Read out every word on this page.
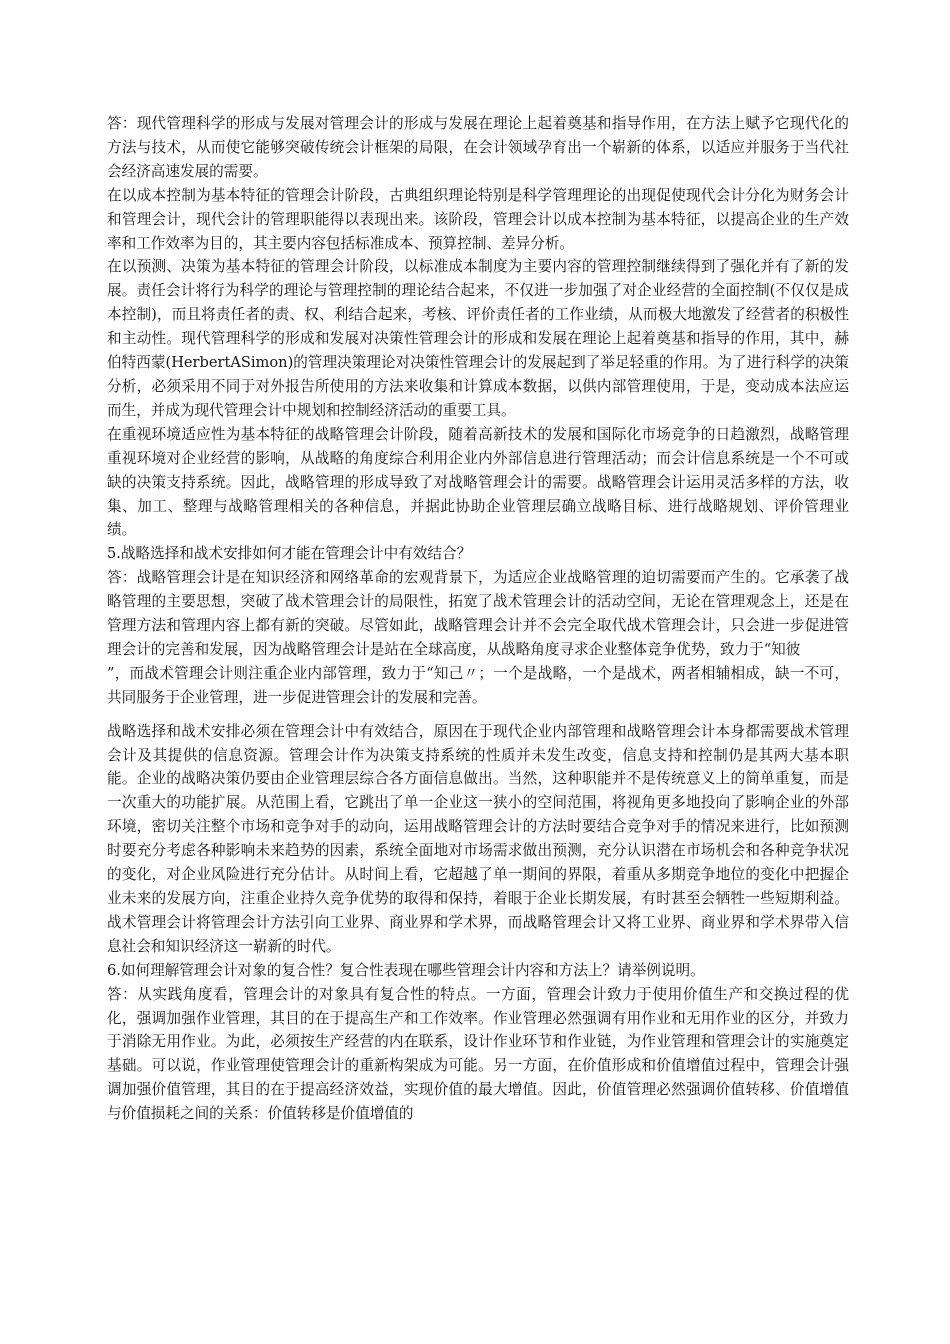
答：现代管理科学的形成与发展对管理会计的形成与发展在理论上起着奠基和指导作用，在方法上赋予它现代化的方法与技术，从而使它能够突破传统会计框架的局限，在会计领域孕育出一个崭新的体系，以适应并服务于当代社会经济高速发展的需要。

在以成本控制为基本特征的管理会计阶段，古典组织理论特别是科学管理理论的出现促使现代会计分化为财务会计和管理会计，现代会计的管理职能得以表现出来。该阶段，管理会计以成本控制为基本特征，以提高企业的生产效率和工作效率为目的，其主要内容包括标准成本、预算控制、差异分析。

在以预测、决策为基本特征的管理会计阶段，以标准成本制度为主要内容的管理控制继续得到了强化并有了新的发展。责任会计将行为科学的理论与管理控制的理论结合起来，不仅进一步加强了对企业经营的全面控制(不仅仅是成本控制)，而且将责任者的责、权、利结合起来，考核、评价责任者的工作业绩，从而极大地激发了经营者的积极性和主动性。现代管理科学的形成和发展对决策性管理会计的形成和发展在理论上起着奠基和指导的作用，其中，赫伯特西蒙(HerbertASimon)的管理决策理论对决策性管理会计的发展起到了举足轻重的作用。为了进行科学的决策分析，必须采用不同于对外报告所使用的方法来收集和计算成本数据，以供内部管理使用，于是，变动成本法应运而生，并成为现代管理会计中规划和控制经济活动的重要工具。

在重视环境适应性为基本特征的战略管理会计阶段，随着高新技术的发展和国际化市场竞争的日趋激烈，战略管理重视环境对企业经营的影响，从战略的角度综合利用企业内外部信息进行管理活动；而会计信息系统是一个不可或缺的决策支持系统。因此，战略管理的形成导致了对战略管理会计的需要。战略管理会计运用灵活多样的方法，收集、加工、整理与战略管理相关的各种信息，并据此协助企业管理层确立战略目标、进行战略规划、评价管理业绩。

5.战略选择和战术安排如何才能在管理会计中有效结合？

答：战略管理会计是在知识经济和网络革命的宏观背景下，为适应企业战略管理的迫切需要而产生的。它承袭了战略管理的主要思想，突破了战术管理会计的局限性，拓宽了战术管理会计的活动空间，无论在管理观念上，还是在管理方法和管理内容上都有新的突破。尽管如此，战略管理会计并不会完全取代战术管理会计，只会进一步促进管理会计的完善和发展，因为战略管理会计是站在全球高度，从战略角度寻求企业整体竞争优势，致力于“知彼

”，而战术管理会计则注重企业内部管理，致力于“知己〃；一个是战略，一个是战术，两者相辅相成，缺一不可，共同服务于企业管理，进一步促进管理会计的发展和完善。

战略选择和战术安排必须在管理会计中有效结合，原因在于现代企业内部管理和战略管理会计本身都需要战术管理会计及其提供的信息资源。管理会计作为决策支持系统的性质并未发生改变，信息支持和控制仍是其两大基本职能。企业的战略决策仍要由企业管理层综合各方面信息做出。当然，这种职能并不是传统意义上的简单重复，而是一次重大的功能扩展。从范围上看，它跳出了单一企业这一狭小的空间范围，将视角更多地投向了影响企业的外部环境，密切关注整个市场和竞争对手的动向，运用战略管理会计的方法时要结合竞争对手的情况来进行，比如预测时要充分考虑各种影响未来趋势的因素，系统全面地对市场需求做出预测，充分认识潜在市场机会和各种竞争状况的变化，对企业风险进行充分估计。从时间上看，它超越了单一期间的界限，着重从多期竞争地位的变化中把握企业未来的发展方向，注重企业持久竞争优势的取得和保持，着眼于企业长期发展，有时甚至会牺牲一些短期利益。战术管理会计将管理会计方法引向工业界、商业界和学术界，而战略管理会计又将工业界、商业界和学术界带入信息社会和知识经济这一崭新的时代。

6.如何理解管理会计对象的复合性？复合性表现在哪些管理会计内容和方法上？请举例说明。

答：从实践角度看，管理会计的对象具有复合性的特点。一方面，管理会计致力于使用价值生产和交换过程的优化，强调加强作业管理，其目的在于提高生产和工作效率。作业管理必然强调有用作业和无用作业的区分，并致力于消除无用作业。为此，必须按生产经营的内在联系，设计作业环节和作业链，为作业管理和管理会计的实施奠定基础。可以说，作业管理使管理会计的重新构架成为可能。另一方面，在价值形成和价值增值过程中，管理会计强调加强价值管理，其目的在于提高经济效益，实现价值的最大增值。因此，价值管理必然强调价值转移、价值增值与价值损耗之间的关系：价值转移是价值增值的
